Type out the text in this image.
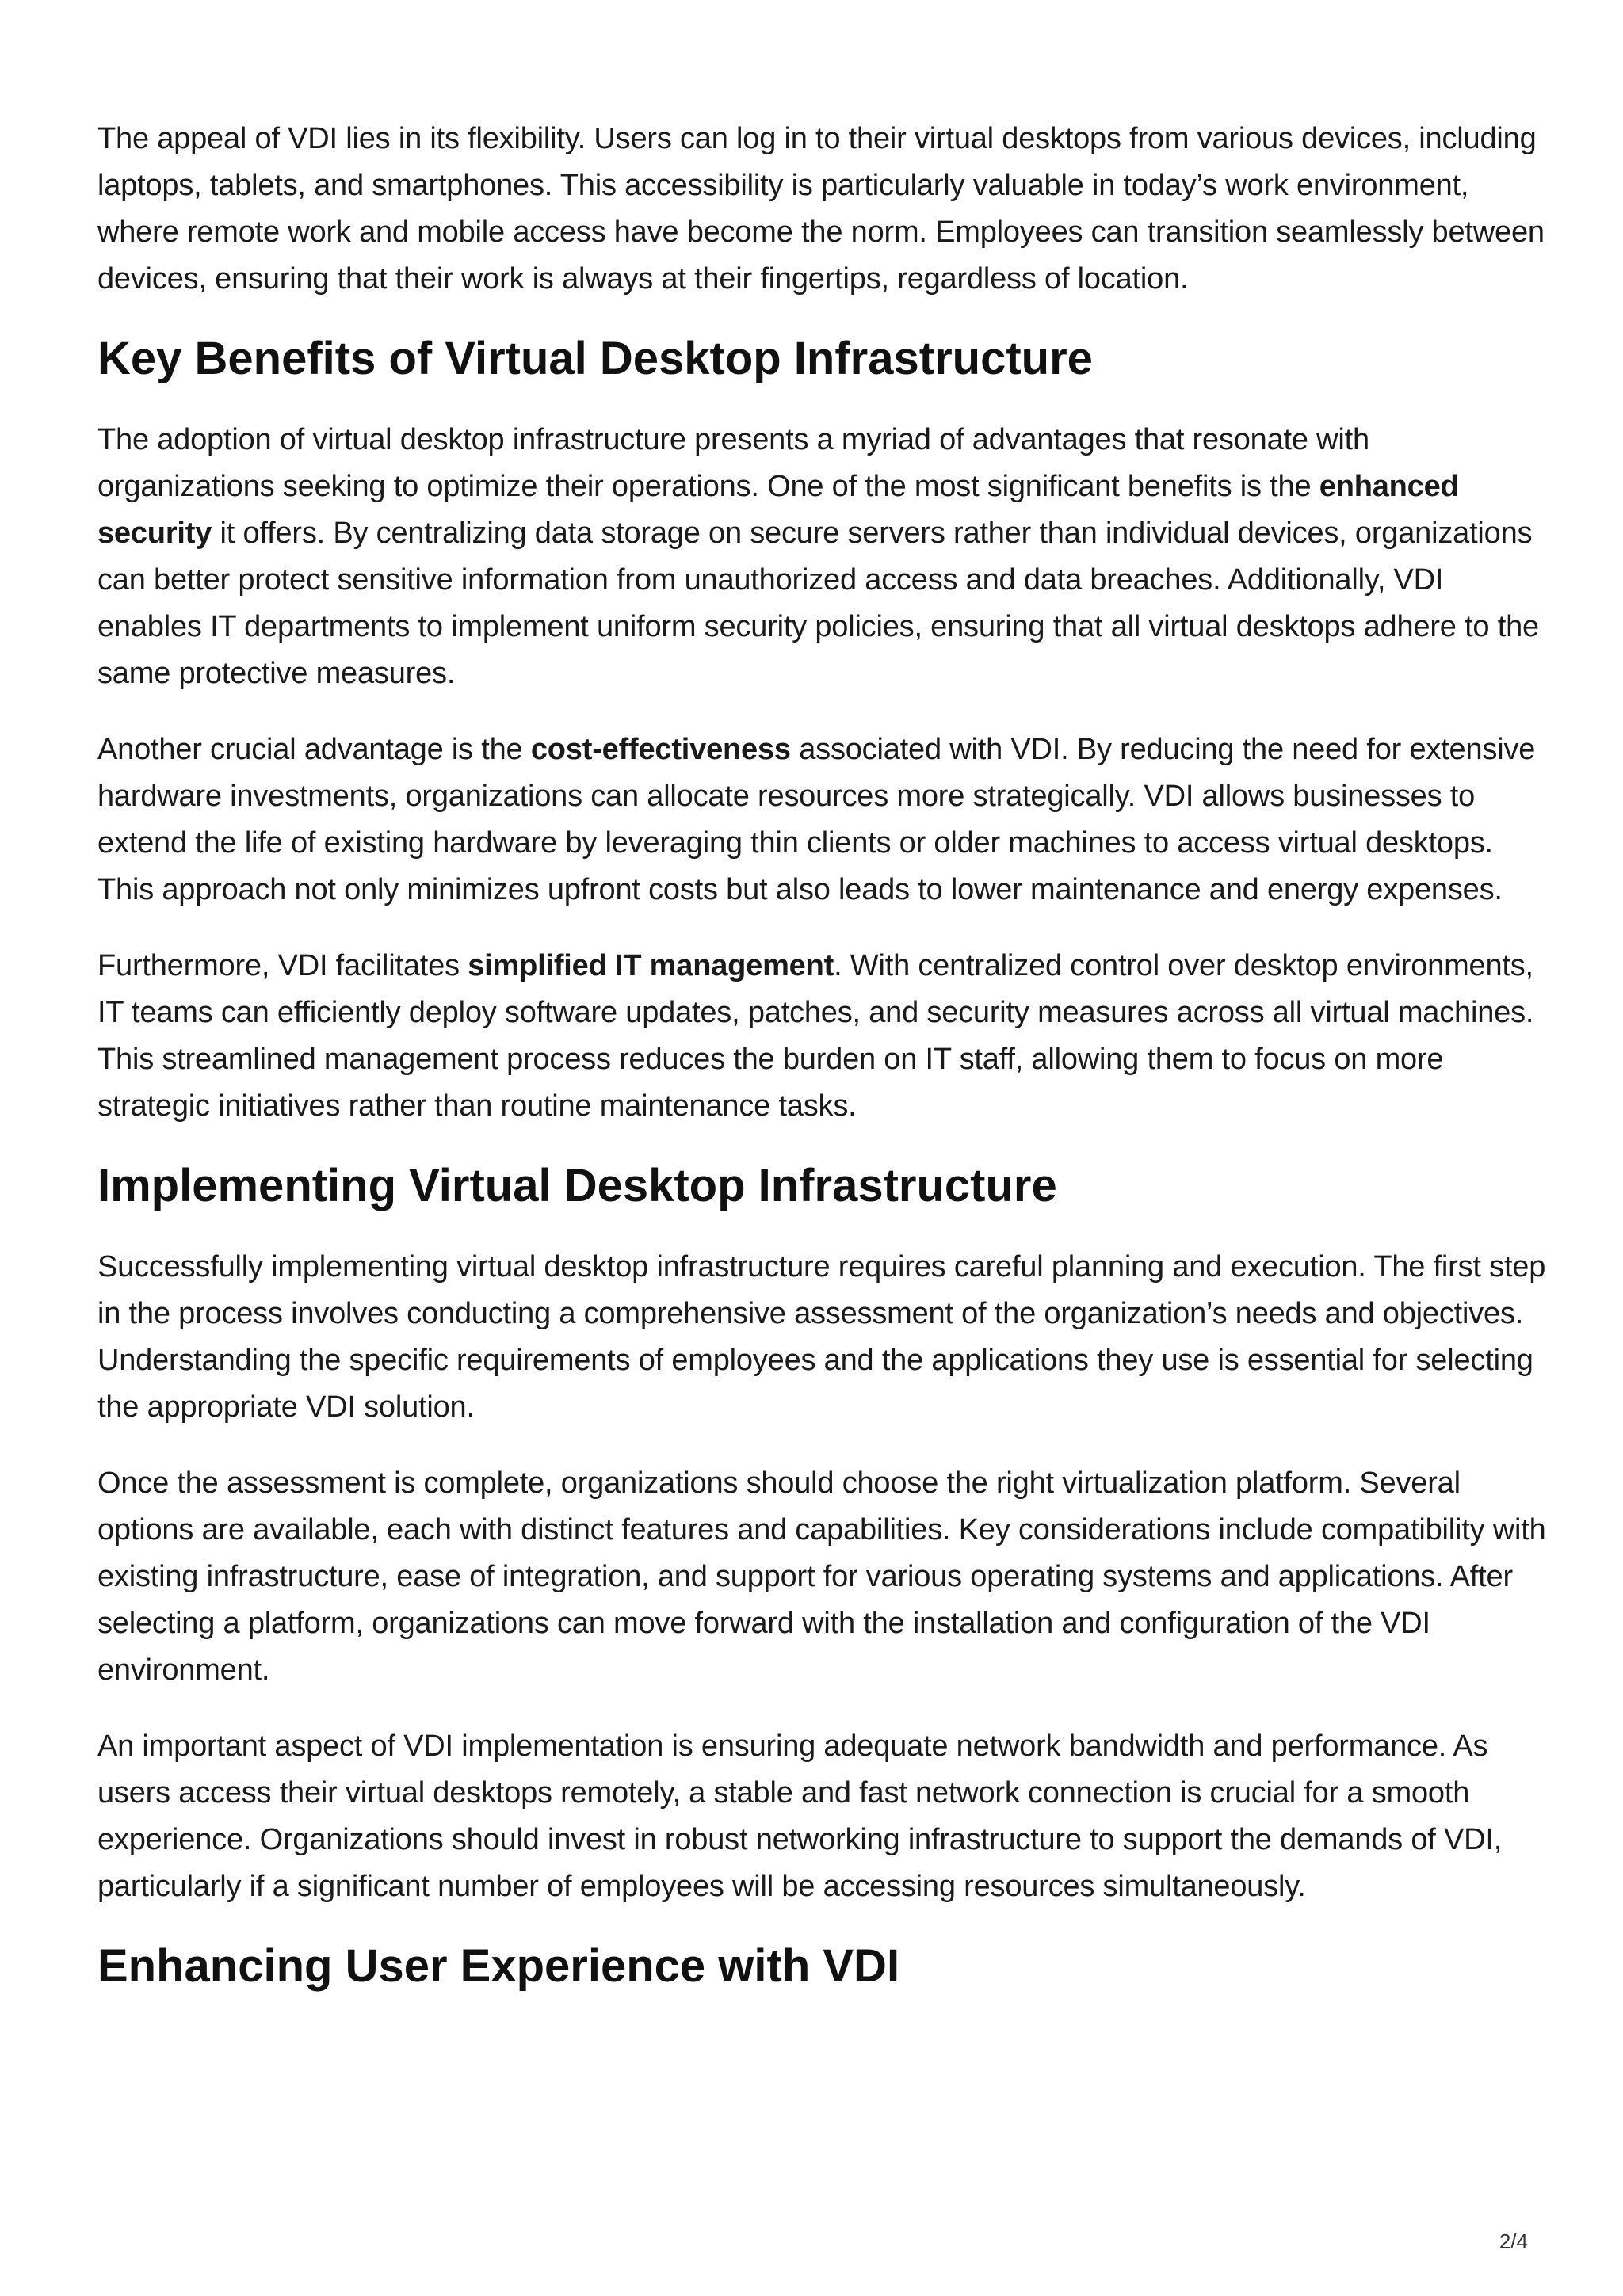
The appeal of VDI lies in its flexibility. Users can log in to their virtual desktops from various devices, including laptops, tablets, and smartphones. This accessibility is particularly valuable in today’s work environment, where remote work and mobile access have become the norm. Employees can transition seamlessly between devices, ensuring that their work is always at their fingertips, regardless of location.

Key Benefits of Virtual Desktop Infrastructure

The adoption of virtual desktop infrastructure presents a myriad of advantages that resonate with organizations seeking to optimize their operations. One of the most significant benefits is the enhanced security it offers. By centralizing data storage on secure servers rather than individual devices, organizations can better protect sensitive information from unauthorized access and data breaches. Additionally, VDI enables IT departments to implement uniform security policies, ensuring that all virtual desktops adhere to the same protective measures.

Another crucial advantage is the cost-effectiveness associated with VDI. By reducing the need for extensive hardware investments, organizations can allocate resources more strategically. VDI allows businesses to extend the life of existing hardware by leveraging thin clients or older machines to access virtual desktops. This approach not only minimizes upfront costs but also leads to lower maintenance and energy expenses.

Furthermore, VDI facilitates simplified IT management. With centralized control over desktop environments, IT teams can efficiently deploy software updates, patches, and security measures across all virtual machines. This streamlined management process reduces the burden on IT staff, allowing them to focus on more strategic initiatives rather than routine maintenance tasks.

Implementing Virtual Desktop Infrastructure

Successfully implementing virtual desktop infrastructure requires careful planning and execution. The first step in the process involves conducting a comprehensive assessment of the organization’s needs and objectives. Understanding the specific requirements of employees and the applications they use is essential for selecting the appropriate VDI solution.

Once the assessment is complete, organizations should choose the right virtualization platform. Several options are available, each with distinct features and capabilities. Key considerations include compatibility with existing infrastructure, ease of integration, and support for various operating systems and applications. After selecting a platform, organizations can move forward with the installation and configuration of the VDI environment.

An important aspect of VDI implementation is ensuring adequate network bandwidth and performance. As users access their virtual desktops remotely, a stable and fast network connection is crucial for a smooth experience. Organizations should invest in robust networking infrastructure to support the demands of VDI, particularly if a significant number of employees will be accessing resources simultaneously.

Enhancing User Experience with VDI
2/4
